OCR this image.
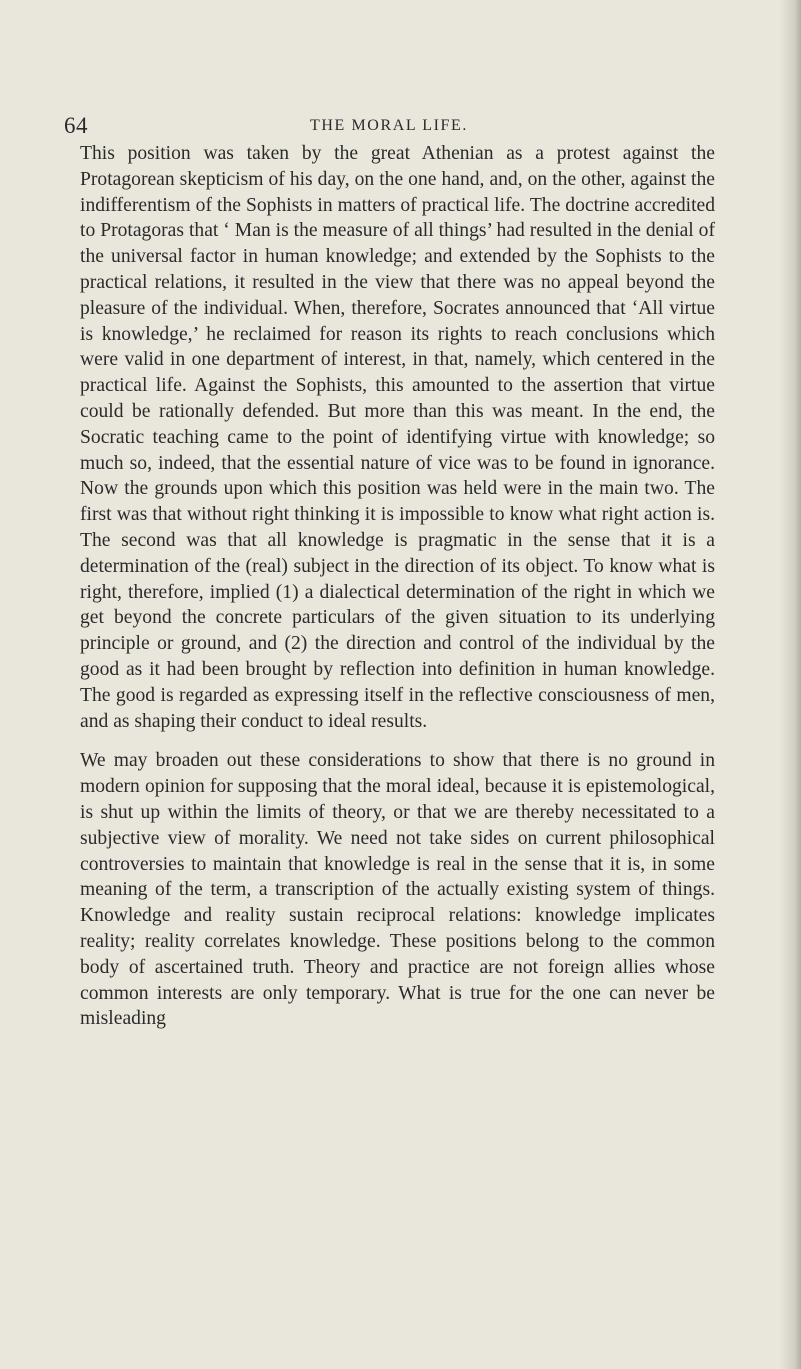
64	THE MORAL LIFE.

This position was taken by the great Athenian as a protest against the Protagorean skepticism of his day, on the one hand, and, on the other, against the indifferentism of the Sophists in matters of practical life. The doctrine accredited to Protagoras that ‘ Man is the measure of all things’ had resulted in the denial of the universal factor in human knowledge; and extended by the Sophists to the practical relations, it resulted in the view that there was no appeal beyond the pleasure of the individual. When, therefore, Socrates announced that ‘All virtue is knowledge,’ he reclaimed for reason its rights to reach conclusions which were valid in one department of interest, in that, namely, which centered in the practical life. Against the Sophists, this amounted to the assertion that virtue could be rationally defended. But more than this was meant. In the end, the Socratic teaching came to the point of identifying virtue with knowledge; so much so, indeed, that the essential nature of vice was to be found in ignorance. Now the grounds upon which this position was held were in the main two. The first was that without right thinking it is impossible to know what right action is. The second was that all knowledge is pragmatic in the sense that it is a determination of the (real) subject in the direction of its object. To know what is right, therefore, implied (1) a dialectical determination of the right in which we get beyond the concrete particulars of the given situation to its underlying principle or ground, and (2) the direction and control of the individual by the good as it had been brought by reflection into definition in human knowledge. The good is regarded as expressing itself in the reflective consciousness of men, and as shaping their conduct to ideal results.

We may broaden out these considerations to show that there is no ground in modern opinion for supposing that the moral ideal, because it is epistemological, is shut up within the limits of theory, or that we are thereby necessitated to a subjective view of morality. We need not take sides on current philosophical controversies to maintain that knowledge is real in the sense that it is, in some meaning of the term, a transcription of the actually existing system of things. Knowledge and reality sustain reciprocal relations: knowledge implicates reality; reality correlates knowledge. These positions belong to the common body of ascertained truth. Theory and practice are not foreign allies whose common interests are only temporary. What is true for the one can never be misleading
